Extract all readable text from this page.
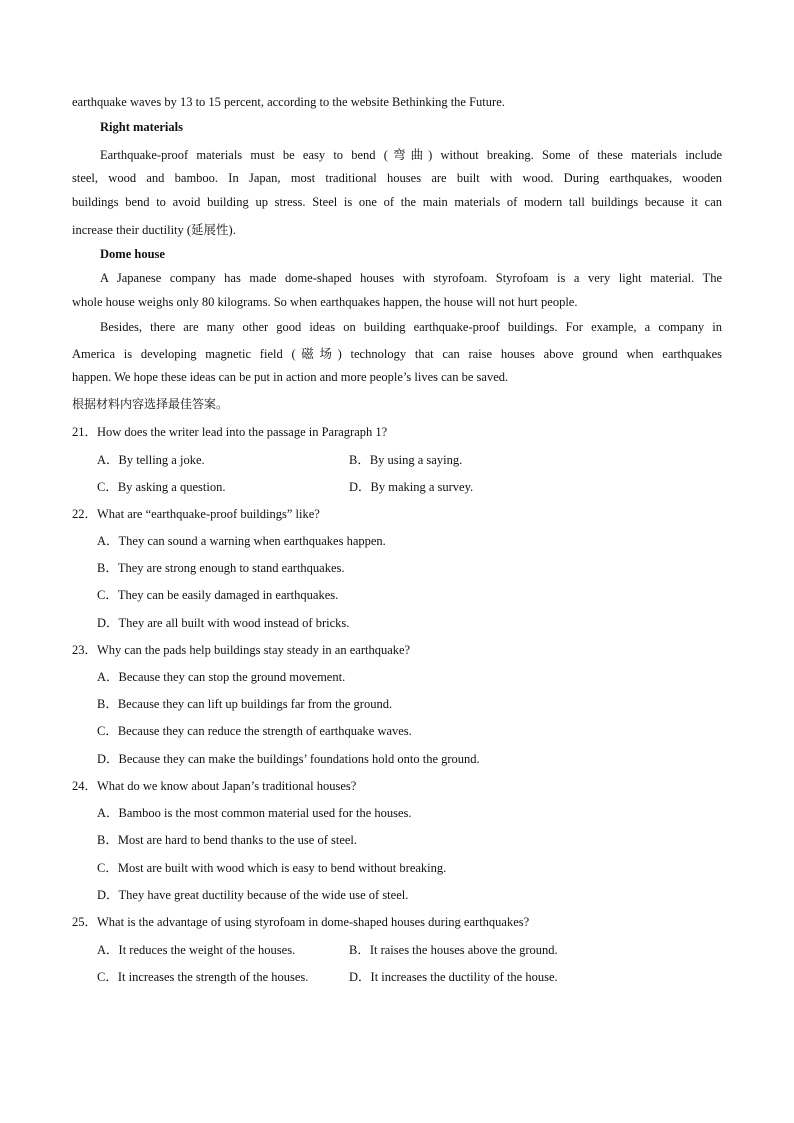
earthquake waves by 13 to 15 percent, according to the website Bethinking the Future.
Right materials
Earthquake-proof materials must be easy to bend (弯曲) without breaking. Some of these materials include
steel, wood and bamboo. In Japan, most traditional houses are built with wood. During earthquakes, wooden
buildings bend to avoid building up stress. Steel is one of the main materials of modern tall buildings because it can
increase their ductility (延展性).
Dome house
A Japanese company has made dome-shaped houses with styrofoam. Styrofoam is a very light material. The
whole house weighs only 80 kilograms. So when earthquakes happen, the house will not hurt people.
Besides, there are many other good ideas on building earthquake-proof buildings. For example, a company in
America is developing magnetic field (磁场) technology that can raise houses above ground when earthquakes
happen. We hope these ideas can be put in action and more people’s lives can be saved.
根据材料内容选择最佳答案。
21．How does the writer lead into the passage in Paragraph 1?
A．By telling a joke.	B．By using a saying.
C．By asking a question.	D．By making a survey.
22．What are “earthquake-proof buildings” like?
A．They can sound a warning when earthquakes happen.
B．They are strong enough to stand earthquakes.
C．They can be easily damaged in earthquakes.
D．They are all built with wood instead of bricks.
23．Why can the pads help buildings stay steady in an earthquake?
A．Because they can stop the ground movement.
B．Because they can lift up buildings far from the ground.
C．Because they can reduce the strength of earthquake waves.
D．Because they can make the buildings’ foundations hold onto the ground.
24．What do we know about Japan’s traditional houses?
A．Bamboo is the most common material used for the houses.
B．Most are hard to bend thanks to the use of steel.
C．Most are built with wood which is easy to bend without breaking.
D．They have great ductility because of the wide use of steel.
25．What is the advantage of using styrofoam in dome-shaped houses during earthquakes?
A．It reduces the weight of the houses.	B．It raises the houses above the ground.
C．It increases the strength of the houses.	D．It increases the ductility of the house.
